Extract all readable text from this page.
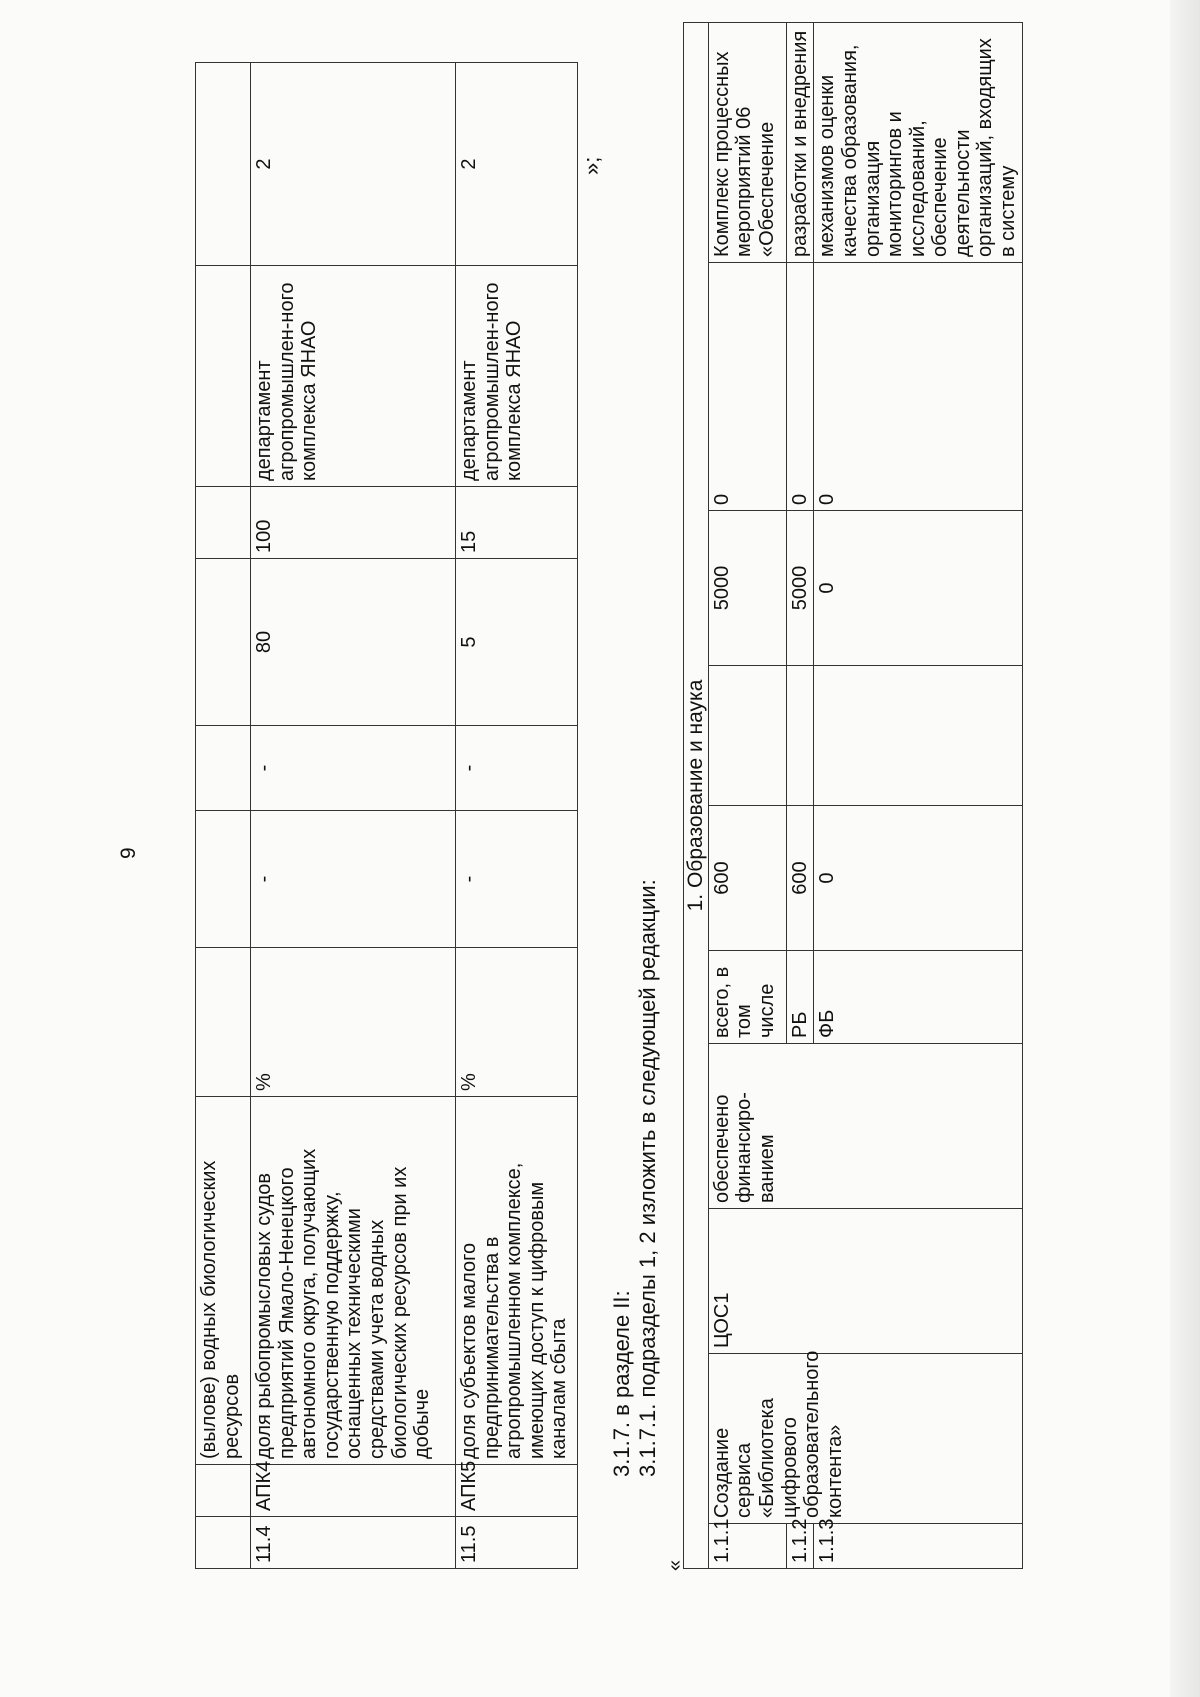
9
		(вылове) водных биологических ресурсов							
11.4	АПК4	доля рыбопромысловых судов предприятий Ямало-Ненецкого автономного округа, получающих государственную поддержку, оснащенных техническими средствами учета водных биологических ресурсов при их добыче	%	-	-	80	100	департамент агропромышлен-ного комплекса ЯНАО	2
11.5	АПК5	доля субъектов малого предпринимательства в агропромышленном комплексе, имеющих доступ к цифровым каналам сбыта	%	-	-	5	15	департамент агропромышлен-ного комплекса ЯНАО	2	»;
3.1.7. в разделе II: 3.1.7.1. подразделы 1, 2 изложить в следующей редакции:
«
1. Образование и наука									
1.1.1	Создание сервиса «Библиотека цифрового образовательного контента»	ЦОС1	обеспечено финансиро-ванием	всего, в том числе	600		5000	0	Комплекс процессных мероприятий 06 «Обеспечение
1.1.2				РБ	600		5000	0	разработки и внедрения
1.1.3				ФБ	0		0	0	механизмов оценки качества образования, организация мониторингов и исследований, обеспечение деятельности организаций, входящих в систему
